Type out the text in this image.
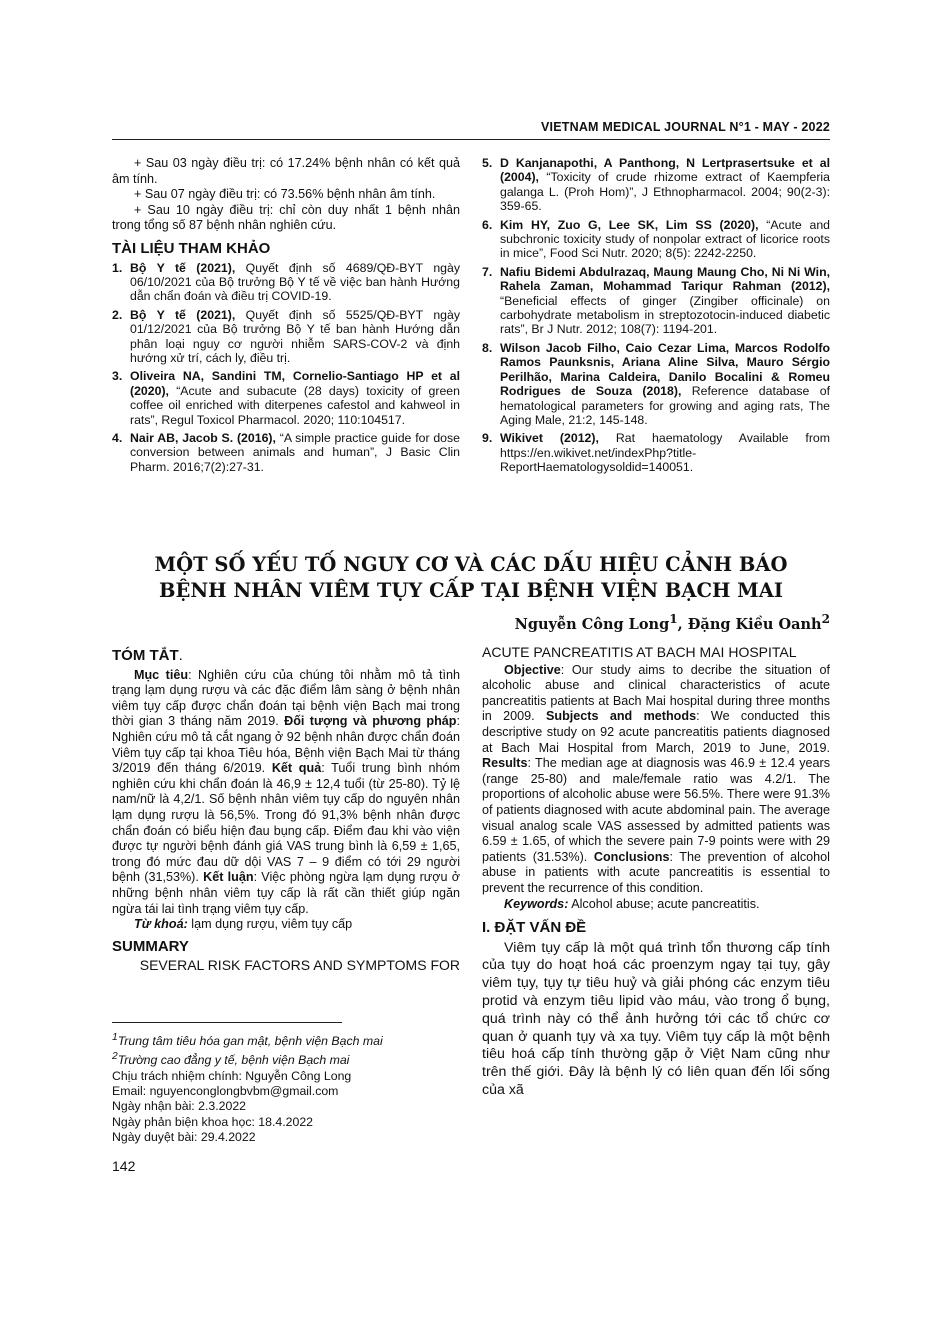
VIETNAM MEDICAL JOURNAL N°1 - MAY - 2022

+ Sau 03 ngày điều trị: có 17.24% bệnh nhân có kết quả âm tính.

+ Sau 07 ngày điều trị: có 73.56% bệnh nhân âm tính.

+ Sau 10 ngày điều trị: chỉ còn duy nhất 1 bệnh nhân trong tổng số 87 bệnh nhân nghiên cứu.

TÀI LIỆU THAM KHẢO
1. Bộ Y tế (2021), Quyết định số 4689/QĐ-BYT ngày 06/10/2021 của Bộ trưởng Bộ Y tế về việc ban hành Hướng dẫn chẩn đoán và điều trị COVID-19.
2. Bộ Y tế (2021), Quyết định số 5525/QĐ-BYT ngày 01/12/2021 của Bộ trưởng Bộ Y tế ban hành Hướng dẫn phân loại nguy cơ người nhiễm SARS-COV-2 và định hướng xử trí, cách ly, điều trị.
3. Oliveira NA, Sandini TM, Cornelio-Santiago HP et al (2020), “Acute and subacute (28 days) toxicity of green coffee oil enriched with diterpenes cafestol and kahweol in rats”, Regul Toxicol Pharmacol. 2020; 110:104517.
4. Nair AB, Jacob S. (2016), “A simple practice guide for dose conversion between animals and human”, J Basic Clin Pharm. 2016;7(2):27-31.
5. D Kanjanapothi, A Panthong, N Lertprasertsuke et al (2004), “Toxicity of crude rhizome extract of Kaempferia galanga L. (Proh Hom)”, J Ethnopharmacol. 2004; 90(2-3): 359-65.
6. Kim HY, Zuo G, Lee SK, Lim SS (2020), “Acute and subchronic toxicity study of nonpolar extract of licorice roots in mice”, Food Sci Nutr. 2020; 8(5): 2242-2250.
7. Nafiu Bidemi Abdulrazaq, Maung Maung Cho, Ni Ni Win, Rahela Zaman, Mohammad Tariqur Rahman (2012), “Beneficial effects of ginger (Zingiber officinale) on carbohydrate metabolism in streptozotocin-induced diabetic rats”, Br J Nutr. 2012; 108(7): 1194-201.
8. Wilson Jacob Filho, Caio Cezar Lima, Marcos Rodolfo Ramos Paunksnis, Ariana Aline Silva, Mauro Sérgio Perilhão, Marina Caldeira, Danilo Bocalini & Romeu Rodrigues de Souza (2018), Reference database of hematological parameters for growing and aging rats, The Aging Male, 21:2, 145-148.
9. Wikivet (2012), Rat haematology Available from https://en.wikivet.net/indexPhp?title-ReportHaematologysoldid=140051.
MỘT SỐ YẾU TỐ NGUY CƠ VÀ CÁC DẤU HIỆU CẢNH BÁO
BỆNH NHÂN VIÊM TỤY CẤP TẠI BỆNH VIỆN BẠCH MAI
Nguyễn Công Long$^1$, Đặng Kiều Oanh$^2$
TÓM TẮT.

Mục tiêu: Nghiên cứu của chúng tôi nhằm mô tả tình trạng lạm dụng rượu và các đặc điểm lâm sàng ở bệnh nhân viêm tụy cấp được chẩn đoán tại bệnh viện Bạch mai trong thời gian 3 tháng năm 2019. Đối tượng và phương pháp: Nghiên cứu mô tả cắt ngang ở 92 bệnh nhân được chẩn đoán Viêm tụy cấp tại khoa Tiêu hóa, Bệnh viện Bạch Mai từ tháng 3/2019 đến tháng 6/2019. Kết quả: Tuổi trung bình nhóm nghiên cứu khi chẩn đoán là 46,9 ± 12,4 tuổi (từ 25-80). Tỷ lệ nam/nữ là 4,2/1. Số bệnh nhân viêm tụy cấp do nguyên nhân lạm dụng rượu là 56,5%. Trong đó 91,3% bệnh nhân được chẩn đoán có biểu hiện đau bụng cấp. Điểm đau khi vào viện được tự người bệnh đánh giá VAS trung bình là 6,59 ± 1,65, trong đó mức đau dữ dội VAS 7 – 9 điểm có tới 29 người bệnh (31,53%). Kết luận: Việc phòng ngừa lạm dụng rượu ở những bệnh nhân viêm tụy cấp là rất cần thiết giúp ngăn ngừa tái lai tình trạng viêm tụy cấp.

Từ khoá: lạm dụng rượu, viêm tụy cấp

SUMMARY
SEVERAL RISK FACTORS AND SYMPTOMS FOR
ACUTE PANCREATITIS AT BACH MAI HOSPITAL

Objective: Our study aims to decribe the situation of alcoholic abuse and clinical characteristics of acute pancreatitis patients at Bach Mai hospital during three months in 2009. Subjects and methods: We conducted this descriptive study on 92 acute pancreatitis patients diagnosed at Bach Mai Hospital from March, 2019 to June, 2019. Results: The median age at diagnosis was 46.9 ± 12.4 years (range 25-80) and male/female ratio was 4.2/1. The proportions of alcoholic abuse were 56.5%. There were 91.3% of patients diagnosed with acute abdominal pain. The average visual analog scale VAS assessed by admitted patients was 6.59 ± 1.65, of which the severe pain 7-9 points were with 29 patients (31.53%). Conclusions: The prevention of alcohol abuse in patients with acute pancreatitis is essential to prevent the recurrence of this condition.

Keywords: Alcohol abuse; acute pancreatitis.

I. ĐẶT VẤN ĐỀ

Viêm tụy cấp là một quá trình tổn thương cấp tính của tụy do hoạt hoá các proenzym ngay tại tụy, gây viêm tụy, tụy tự tiêu huỷ và giải phóng các enzym tiêu protid và enzym tiêu lipid vào máu, vào trong ổ bụng, quá trình này có thể ảnh hưởng tới các tổ chức cơ quan ở quanh tụy và xa tụy. Viêm tụy cấp là một bệnh tiêu hoá cấp tính thường gặp ở Việt Nam cũng như trên thế giới. Đây là bệnh lý có liên quan đến lối sống của xã

$^1$Trung tâm tiêu hóa gan mật, bệnh viện Bạch mai
$^2$Trường cao đẳng y tế, bệnh viện Bạch mai
Chịu trách nhiệm chính: Nguyễn Công Long
Email: nguyenconglongbvbm@gmail.com
Ngày nhận bài: 2.3.2022
Ngày phản biện khoa học: 18.4.2022
Ngày duyệt bài: 29.4.2022
142
